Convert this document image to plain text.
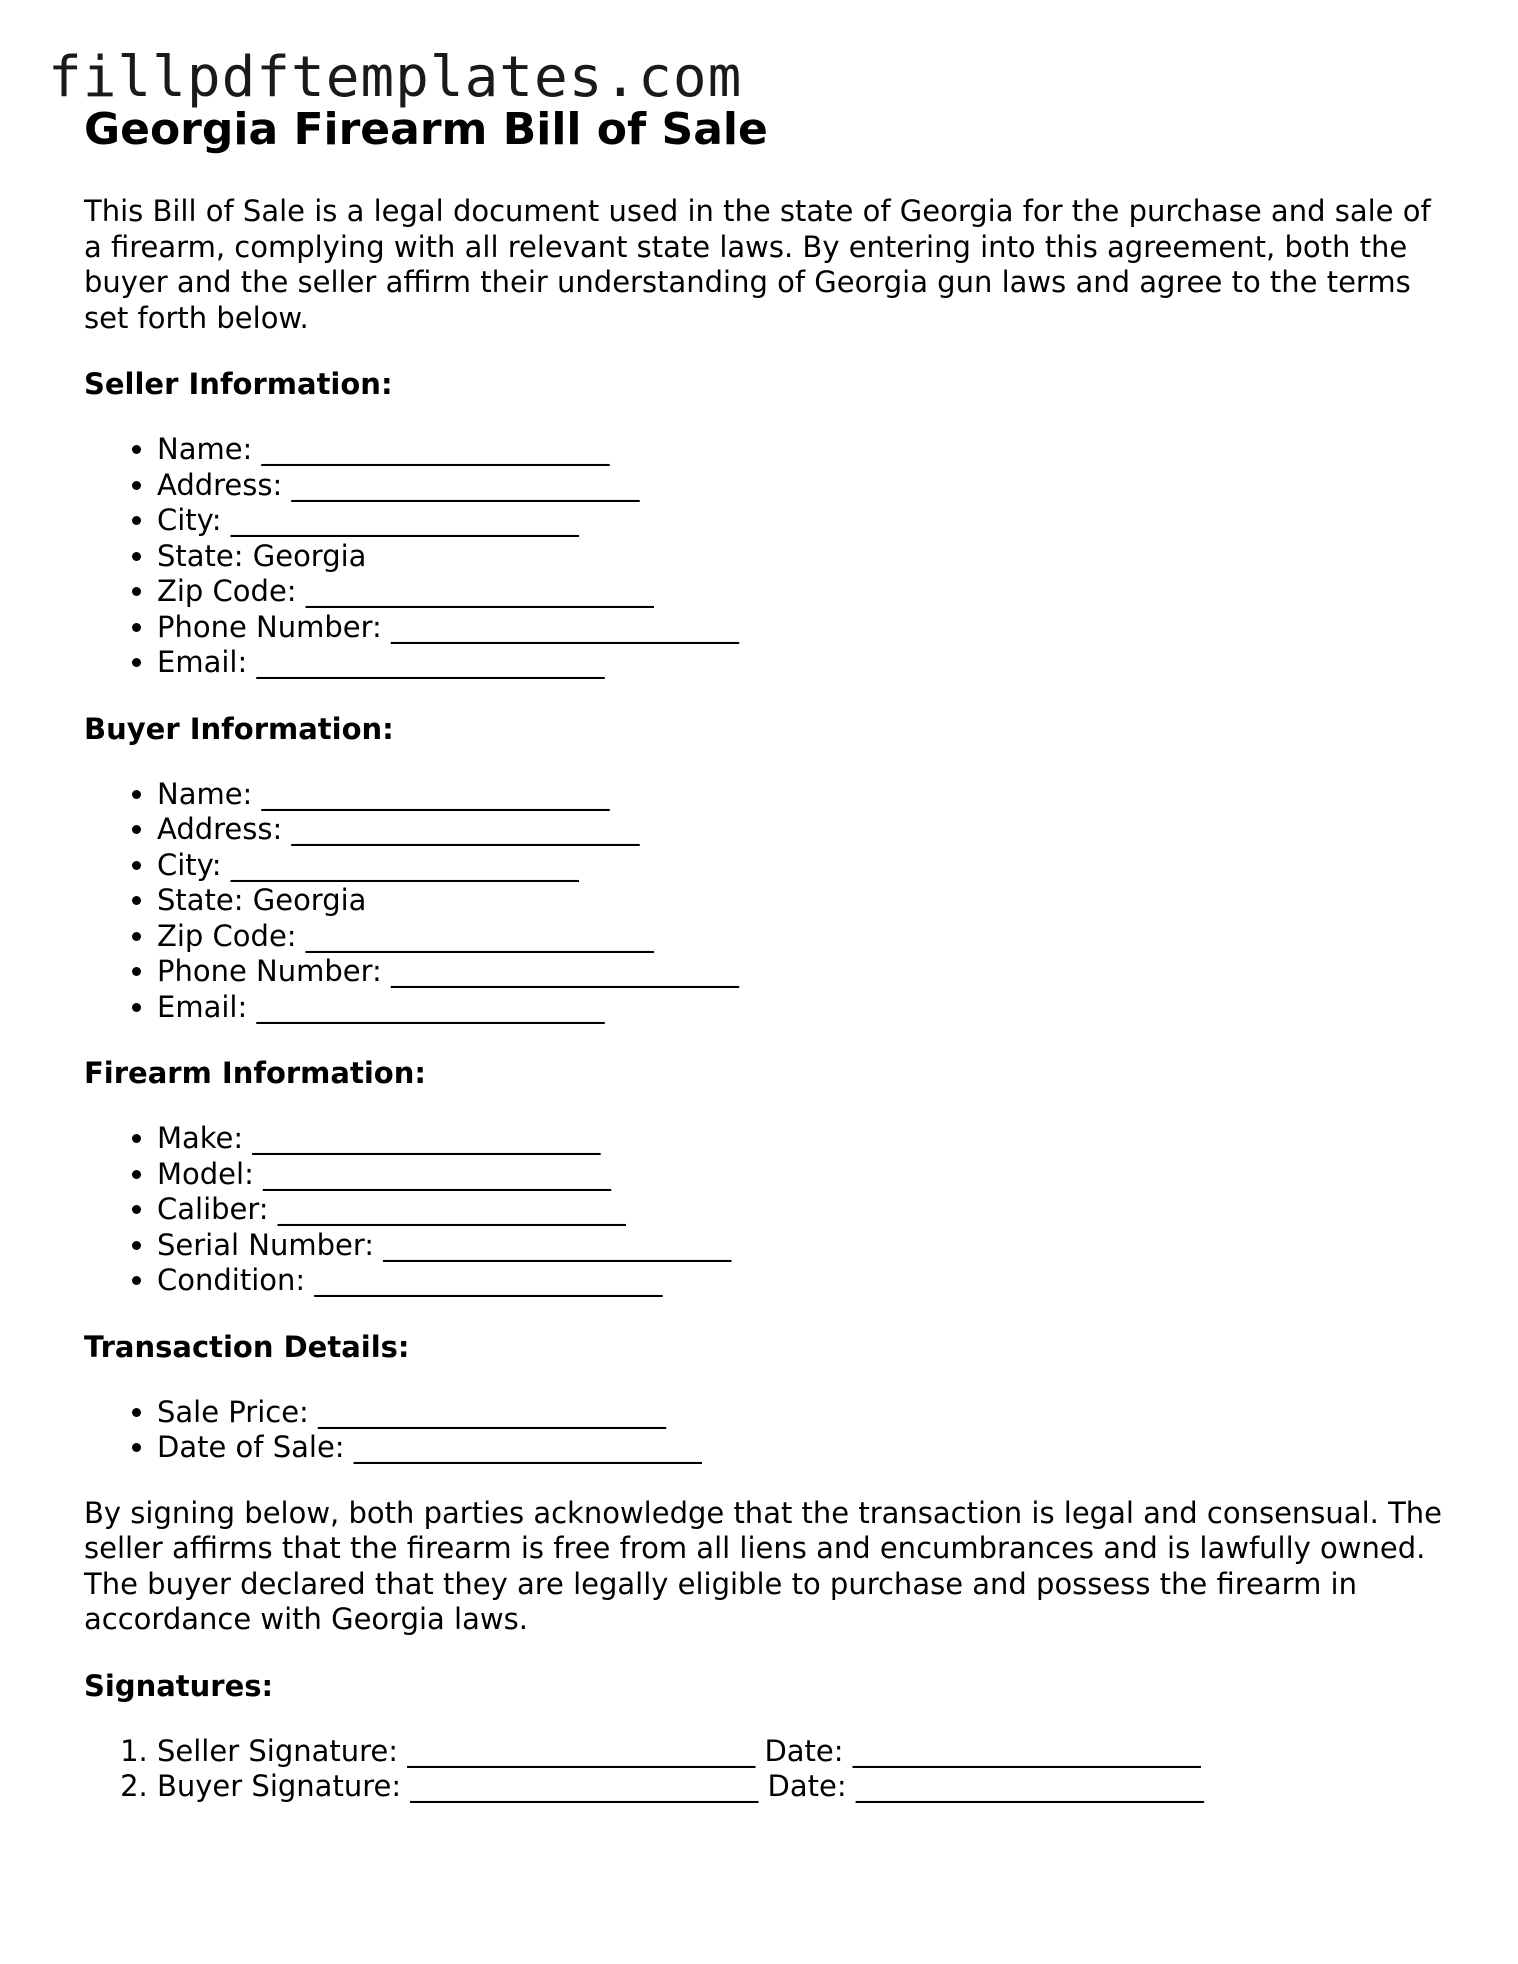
fillpdftemplates.com
Georgia Firearm Bill of Sale

This Bill of Sale is a legal document used in the state of Georgia for the purchase and sale of a firearm, complying with all relevant state laws. By entering into this agreement, both the buyer and the seller affirm their understanding of Georgia gun laws and agree to the terms set forth below.

Seller Information:
• Name: ________________________
• Address: ________________________
• City: ________________________
• State: Georgia
• Zip Code: ________________________
• Phone Number: ________________________
• Email: ________________________
Buyer Information:
• Name: ________________________
• Address: ________________________
• City: ________________________
• State: Georgia
• Zip Code: ________________________
• Phone Number: ________________________
• Email: ________________________
Firearm Information:
• Make: ________________________
• Model: ________________________
• Caliber: ________________________
• Serial Number: ________________________
• Condition: ________________________
Transaction Details:
• Sale Price: ________________________
• Date of Sale: ________________________

By signing below, both parties acknowledge that the transaction is legal and consensual. The seller affirms that the firearm is free from all liens and encumbrances and is lawfully owned. The buyer declared that they are legally eligible to purchase and possess the firearm in accordance with Georgia laws.

Signatures:
1. Seller Signature: ________________________ Date: ________________________
2. Buyer Signature: ________________________ Date: ________________________
